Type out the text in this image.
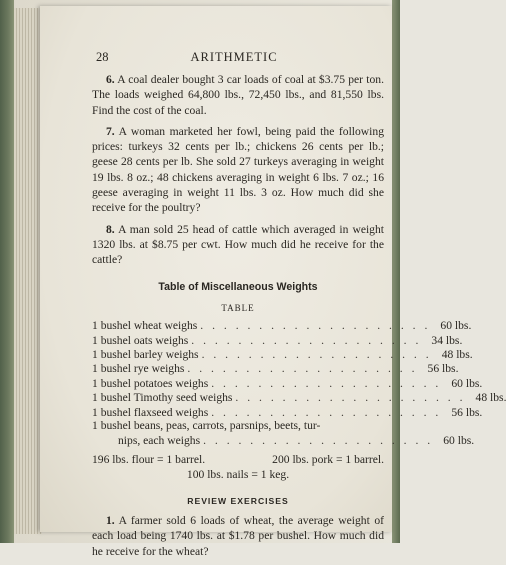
ARITHMETIC
28

6. A coal dealer bought 3 car loads of coal at $3.75 per ton. The loads weighed 64,800 lbs., 72,450 lbs., and 81,550 lbs. Find the cost of the coal.

7. A woman marketed her fowl, being paid the following prices: turkeys 32 cents per lb.; chickens 26 cents per lb.; geese 28 cents per lb. She sold 27 turkeys averaging in weight 19 lbs. 8 oz.; 48 chickens averaging in weight 6 lbs. 7 oz.; 16 geese averaging in weight 11 lbs. 3 oz. How much did she receive for the poultry?

8. A man sold 25 head of cattle which averaged in weight 1320 lbs. at $8.75 per cwt. How much did he receive for the cattle?

Table of Miscellaneous Weights
TABLE
1 bushel wheat weighs . . . . . . . . . . . . . . . . . . . . 60 lbs.
1 bushel oats weighs . . . . . . . . . . . . . . . . . . . . 34 lbs.
1 bushel barley weighs . . . . . . . . . . . . . . . . . . . . 48 lbs.
1 bushel rye weighs . . . . . . . . . . . . . . . . . . . . 56 lbs.
1 bushel potatoes weighs . . . . . . . . . . . . . . . . . . . . 60 lbs.
1 bushel Timothy seed weighs . . . . . . . . . . . . . . . . . . . . 48 lbs.
1 bushel flaxseed weighs . . . . . . . . . . . . . . . . . . . . 56 lbs.
1 bushel beans, peas, carrots, parsnips, beets, tur-
nips, each weighs . . . . . . . . . . . . . . . . . . . . 60 lbs.
196 lbs. flour = 1 barrel.	200 lbs. pork = 1 barrel.
100 lbs. nails = 1 keg.
REVIEW EXERCISES

1. A farmer sold 6 loads of wheat, the average weight of each load being 1740 lbs. at $1.78 per bushel. How much did he receive for the wheat?
